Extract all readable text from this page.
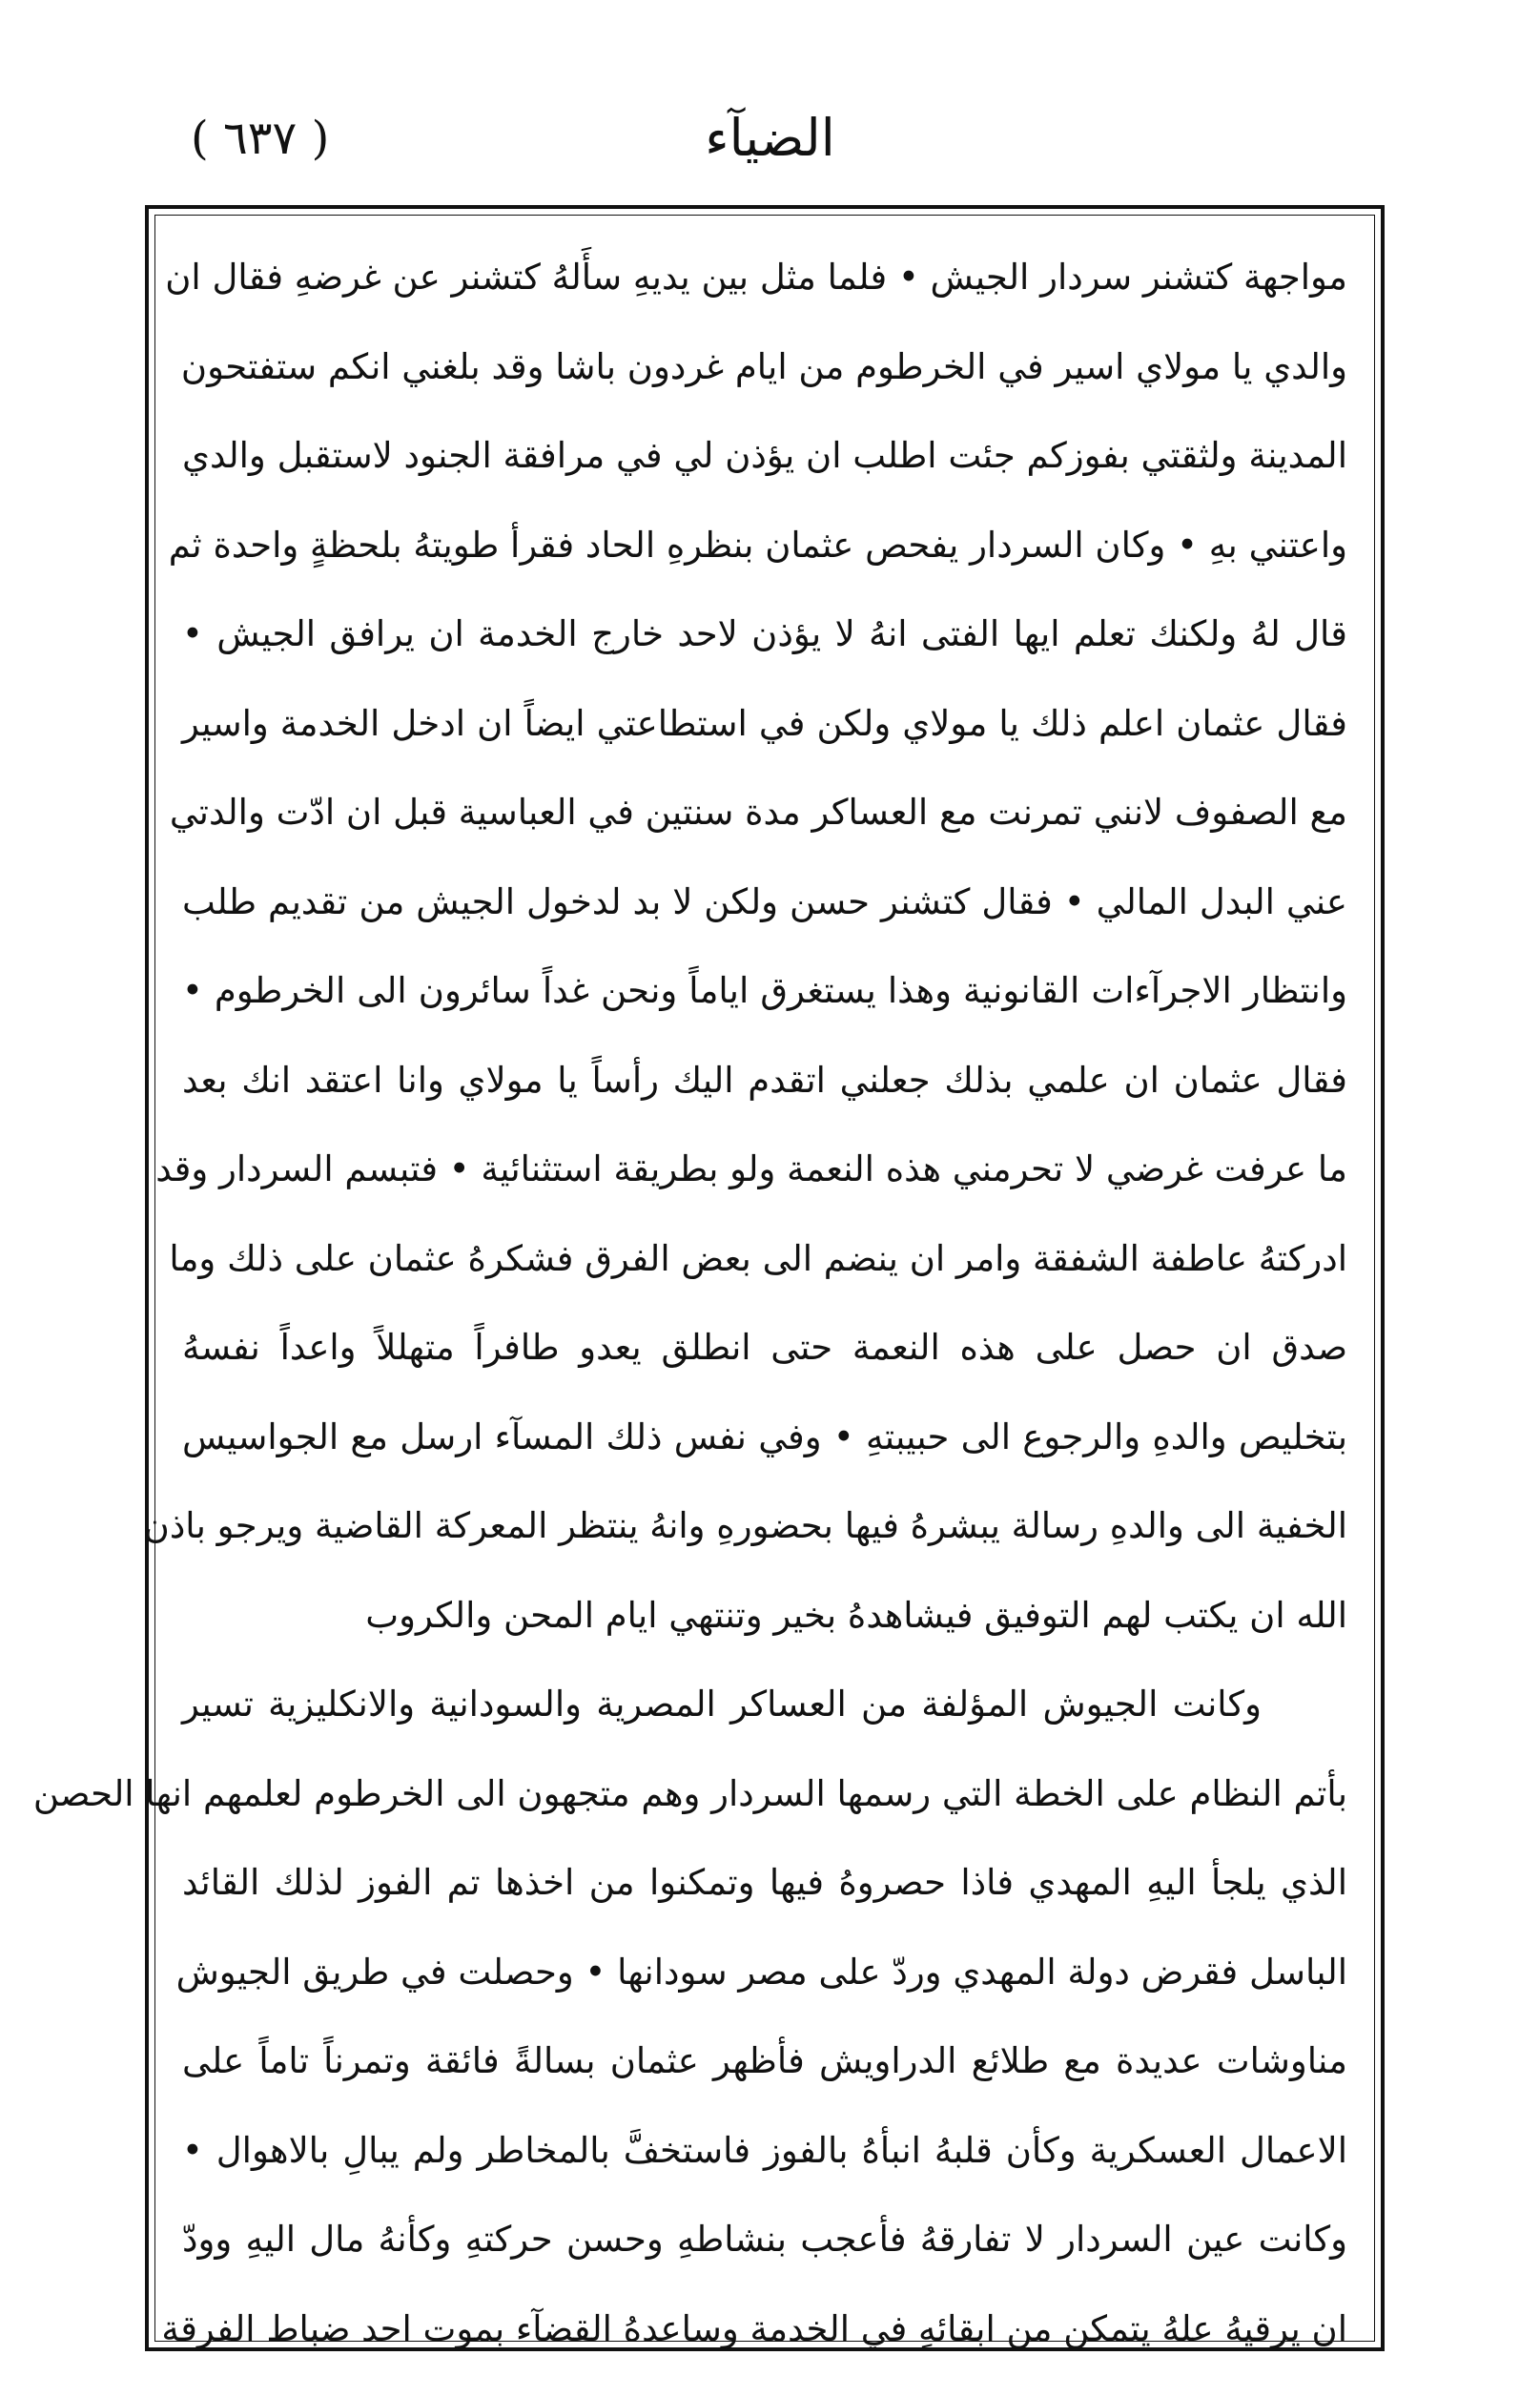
الضيآء
( ٦٣٧ )
مواجهة كتشنر سردار الجيش • فلما مثل بين يديهِ سأَلهُ كتشنر عن غرضهِ فقال ان
والدي يا مولاي اسير في الخرطوم من ايام غردون باشا وقد بلغني انكم ستفتحون
المدينة ولثقتي بفوزكم جئت اطلب ان يؤذن لي في مرافقة الجنود لاستقبل والدي
واعتني بهِ • وكان السردار يفحص عثمان بنظرهِ الحاد فقرأ طويتهُ بلحظةٍ واحدة ثم
قال لهُ ولكنك تعلم ايها الفتى انهُ لا يؤذن لاحد خارج الخدمة ان يرافق الجيش •
فقال عثمان اعلم ذلك يا مولاي ولكن في استطاعتي ايضاً ان ادخل الخدمة واسير
مع الصفوف لانني تمرنت مع العساكر مدة سنتين في العباسية قبل ان ادّت والدتي
عني البدل المالي • فقال كتشنر حسن ولكن لا بد لدخول الجيش من تقديم طلب
وانتظار الاجرآءات القانونية وهذا يستغرق اياماً ونحن غداً سائرون الى الخرطوم •
فقال عثمان ان علمي بذلك جعلني اتقدم اليك رأساً يا مولاي وانا اعتقد انك بعد
ما عرفت غرضي لا تحرمني هذه النعمة ولو بطريقة استثنائية • فتبسم السردار وقد
ادركتهُ عاطفة الشفقة وامر ان ينضم الى بعض الفرق فشكرهُ عثمان على ذلك وما
صدق ان حصل على هذه النعمة حتى انطلق يعدو طافراً متهللاً واعداً نفسهُ
بتخليص والدهِ والرجوع الى حبيبتهِ • وفي نفس ذلك المسآء ارسل مع الجواسيس
الخفية الى والدهِ رسالة يبشرهُ فيها بحضورهِ وانهُ ينتظر المعركة القاضية ويرجو باذن
الله ان يكتب لهم التوفيق فيشاهدهُ بخير وتنتهي ايام المحن والكروب
وكانت الجيوش المؤلفة من العساكر المصرية والسودانية والانكليزية تسير
بأتم النظام على الخطة التي رسمها السردار وهم متجهون الى الخرطوم لعلمهم انها الحصن
الذي يلجأ اليهِ المهدي فاذا حصروهُ فيها وتمكنوا من اخذها تم الفوز لذلك القائد
الباسل فقرض دولة المهدي وردّ على مصر سودانها • وحصلت في طريق الجيوش
مناوشات عديدة مع طلائع الدراويش فأظهر عثمان بسالةً فائقة وتمرناً تاماً على
الاعمال العسكرية وكأن قلبهُ انبأهُ بالفوز فاستخفَّ بالمخاطر ولم يبالِ بالاهوال •
وكانت عين السردار لا تفارقهُ فأعجب بنشاطهِ وحسن حركتهِ وكأنهُ مال اليهِ وودّ
ان يرقيهُ علهُ يتمكن من ابقائهِ في الخدمة وساعدهُ القضآء بموت احد ضباط الفرقة
